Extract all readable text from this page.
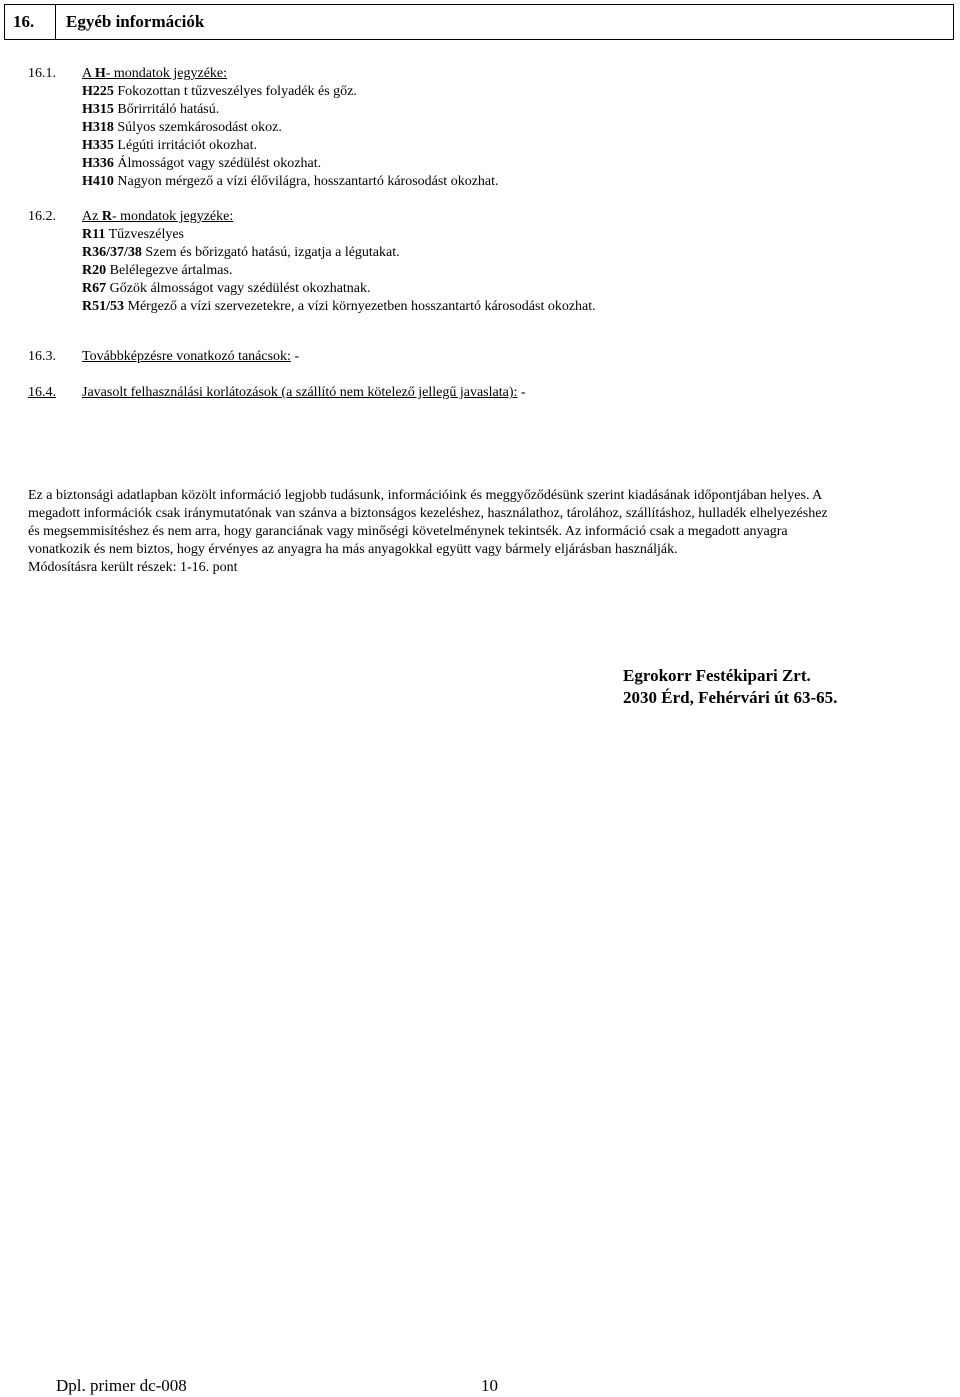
16.	Egyéb információk
16.1. A H- mondatok jegyzéke:
H225 Fokozottan t tűzveszélyes folyadék és gőz.
H315 Bőrirritáló hatású.
H318 Súlyos szemkárosodást okoz.
H335 Légúti irritációt okozhat.
H336 Álmosságot vagy szédülést okozhat.
H410 Nagyon mérgező a vízi élővilágra, hosszantartó károsodást okozhat.
16.2. Az R- mondatok jegyzéke:
R11 Tűzveszélyes
R36/37/38 Szem és bőrizgató hatású, izgatja a légutakat.
R20 Belélegezve ártalmas.
R67 Gőzök álmosságot vagy szédülést okozhatnak.
R51/53 Mérgező a vízi szervezetekre, a vízi környezetben hosszantartó károsodást okozhat.
16.3. Továbbképzésre vonatkozó tanácsok: -
16.4. Javasolt felhasználási korlátozások (a szállító nem kötelező jellegű javaslata): -

Ez a biztonsági adatlapban közölt információ legjobb tudásunk, információink és meggyőződésünk szerint kiadásának időpontjában helyes. A

megadott információk csak iránymutatónak van szánva a biztonságos kezeléshez, használathoz, tárolához, szállításhoz, hulladék elhelyezéshez

és megsemmisítéshez és nem arra, hogy garanciának vagy minőségi követelménynek tekintsék. Az információ csak a megadott anyagra

vonatkozik és nem biztos, hogy érvényes az anyagra ha más anyagokkal együtt vagy bármely eljárásban használják.

Módosításra került részek: 1-16. pont

Egrokorr Festékipari Zrt.
2030 Érd, Fehérvári út 63-65.
Dpl. primer dc-008	10
